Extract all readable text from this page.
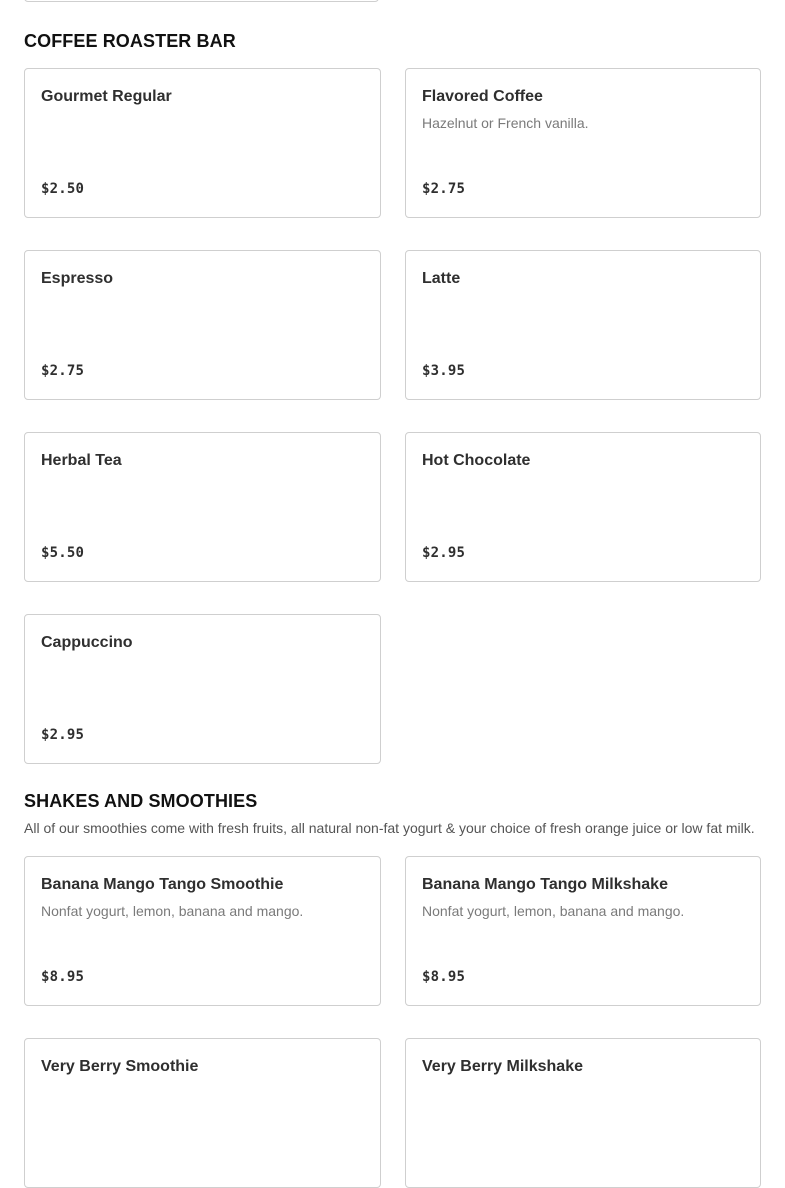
COFFEE ROASTER BAR
Gourmet Regular
$2.50
Flavored Coffee
Hazelnut or French vanilla.
$2.75
Espresso
$2.75
Latte
$3.95
Herbal Tea
$5.50
Hot Chocolate
$2.95
Cappuccino
$2.95
SHAKES AND SMOOTHIES

All of our smoothies come with fresh fruits, all natural non-fat yogurt & your choice of fresh orange juice or low fat milk.

Banana Mango Tango Smoothie
Nonfat yogurt, lemon, banana and mango.
$8.95
Banana Mango Tango Milkshake
Nonfat yogurt, lemon, banana and mango.
$8.95
Very Berry Smoothie	Very Berry Milkshake
